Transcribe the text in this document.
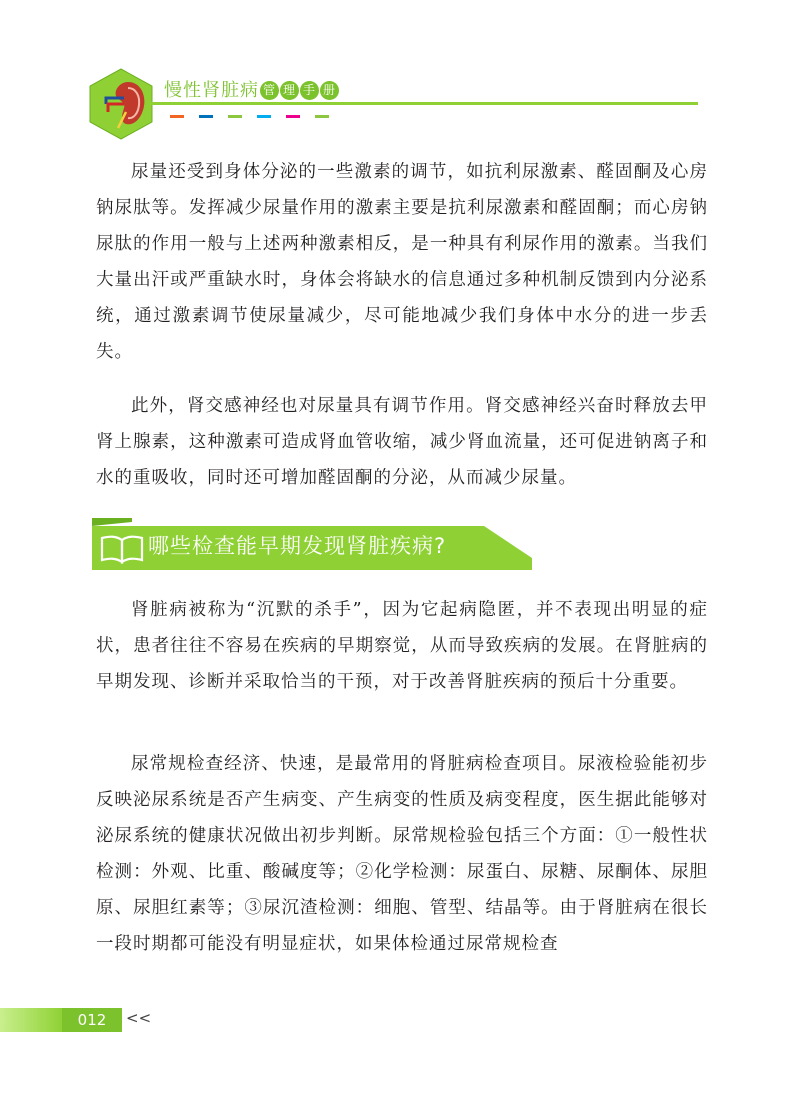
慢性肾脏病 管 理 手 册

尿量还受到身体分泌的一些激素的调节，如抗利尿激素、醛固酮及心房钠尿肽等。发挥减少尿量作用的激素主要是抗利尿激素和醛固酮；而心房钠尿肽的作用一般与上述两种激素相反，是一种具有利尿作用的激素。当我们大量出汗或严重缺水时，身体会将缺水的信息通过多种机制反馈到内分泌系统，通过激素调节使尿量减少，尽可能地减少我们身体中水分的进一步丢失。

此外，肾交感神经也对尿量具有调节作用。肾交感神经兴奋时释放去甲肾上腺素，这种激素可造成肾血管收缩，减少肾血流量，还可促进钠离子和水的重吸收，同时还可增加醛固酮的分泌，从而减少尿量。

哪些检查能早期发现肾脏疾病?

肾脏病被称为“沉默的杀手”，因为它起病隐匿，并不表现出明显的症状，患者往往不容易在疾病的早期察觉，从而导致疾病的发展。在肾脏病的早期发现、诊断并采取恰当的干预，对于改善肾脏疾病的预后十分重要。

尿常规检查经济、快速，是最常用的肾脏病检查项目。尿液检验能初步反映泌尿系统是否产生病变、产生病变的性质及病变程度，医生据此能够对泌尿系统的健康状况做出初步判断。尿常规检验包括三个方面：①一般性状检测：外观、比重、酸碱度等；②化学检测：尿蛋白、尿糖、尿酮体、尿胆原、尿胆红素等；③尿沉渣检测：细胞、管型、结晶等。由于肾脏病在很长一段时期都可能没有明显症状，如果体检通过尿常规检查

012	<<
